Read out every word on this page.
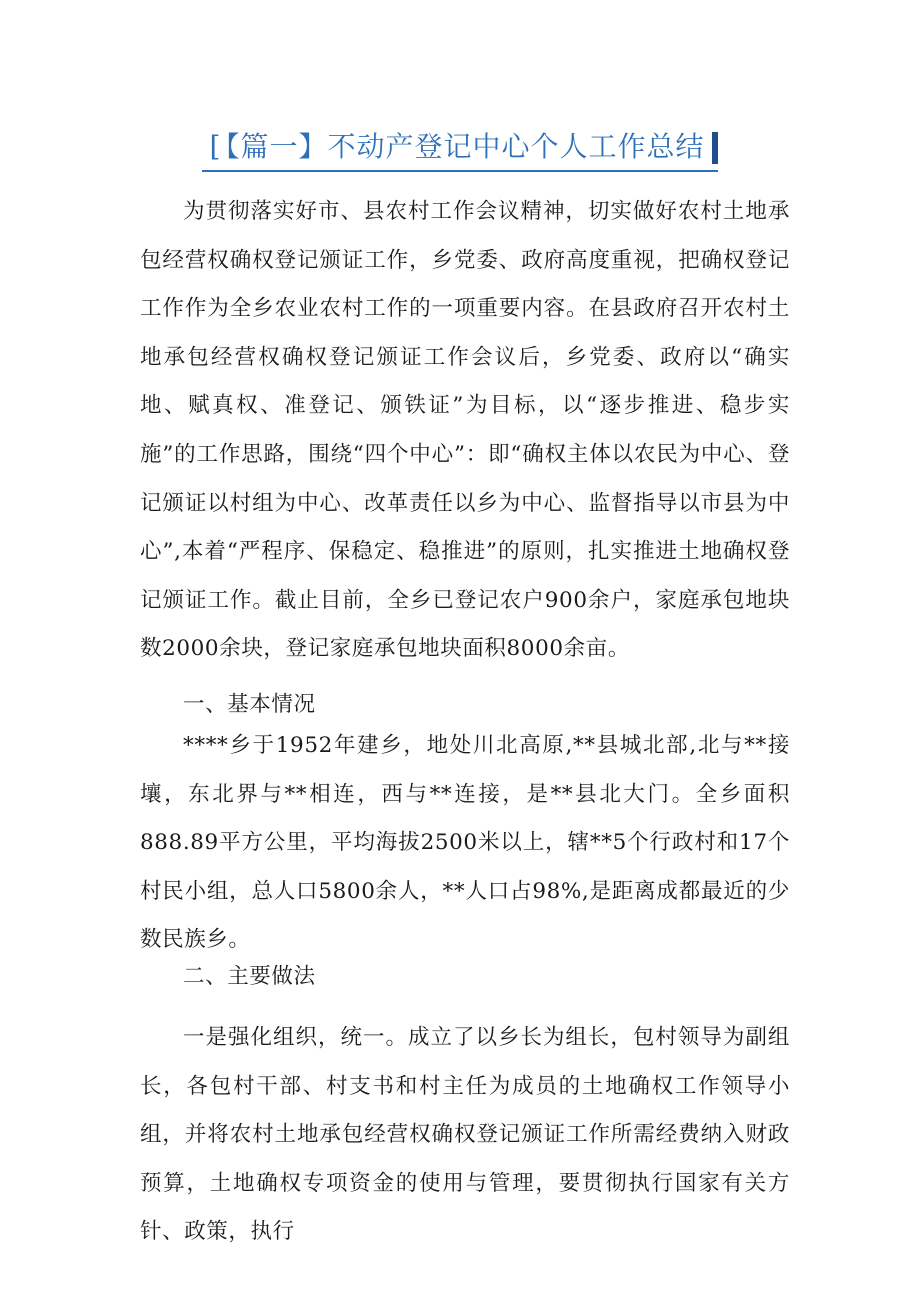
[ 【篇一】不动产登记中心个人工作总结
为贯彻落实好市、县农村工作会议精神，切实做好农村土地承包经营权确权登记颁证工作，乡党委、政府高度重视，把确权登记工作作为全乡农业农村工作的一项重要内容。在县政府召开农村土地承包经营权确权登记颁证工作会议后，乡党委、政府以“确实地、赋真权、准登记、颁铁证”为目标，以“逐步推进、稳步实施”的工作思路，围绕“四个中心”：即“确权主体以农民为中心、登记颁证以村组为中心、改革责任以乡为中心、监督指导以市县为中心”,本着“严程序、保稳定、稳推进”的原则，扎实推进土地确权登记颁证工作。截止目前，全乡已登记农户900余户，家庭承包地块数2000余块，登记家庭承包地块面积8000余亩。
一、基本情况
****乡于1952年建乡，地处川北高原,**县城北部,北与**接壤，东北界与**相连，西与**连接，是**县北大门。全乡面积888.89平方公里，平均海拔2500米以上，辖**5个行政村和17个村民小组，总人口5800余人，**人口占98%,是距离成都最近的少数民族乡。
二、主要做法
一是强化组织，统一。成立了以乡长为组长，包村领导为副组长，各包村干部、村支书和村主任为成员的土地确权工作领导小组，并将农村土地承包经营权确权登记颁证工作所需经费纳入财政预算，土地确权专项资金的使用与管理，要贯彻执行国家有关方针、政策，执行
